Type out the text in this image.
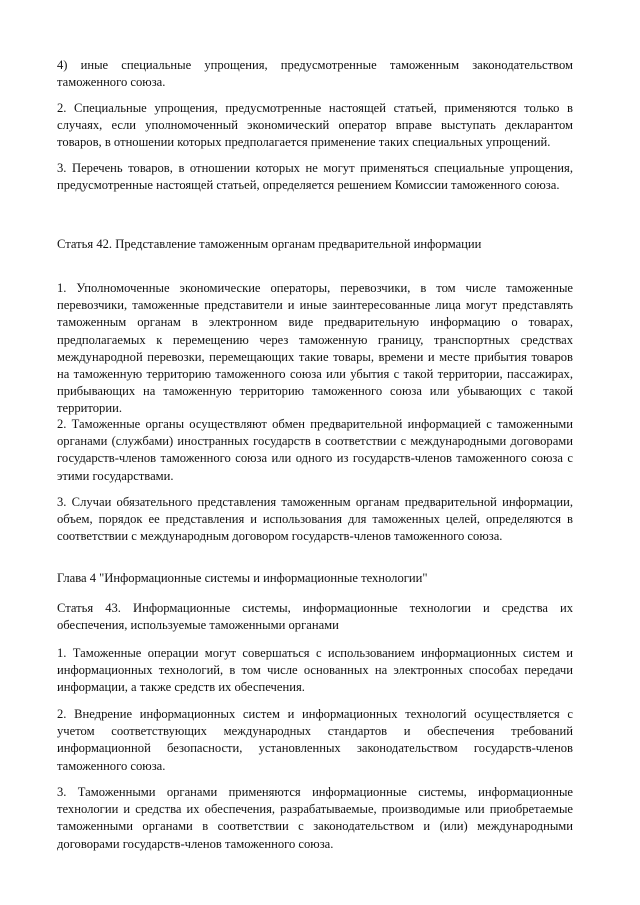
4) иные специальные упрощения, предусмотренные таможенным законодательством таможенного союза.

2. Специальные упрощения, предусмотренные настоящей статьей, применяются только в случаях, если уполномоченный экономический оператор вправе выступать декларантом товаров, в отношении которых предполагается применение таких специальных упрощений.

3. Перечень товаров, в отношении которых не могут применяться специальные упрощения, предусмотренные настоящей статьей, определяется решением Комиссии таможенного союза.

Статья 42. Представление таможенным органам предварительной информации

1. Уполномоченные экономические операторы, перевозчики, в том числе таможенные перевозчики, таможенные представители и иные заинтересованные лица могут представлять таможенным органам в электронном виде предварительную информацию о товарах, предполагаемых к перемещению через таможенную границу, транспортных средствах международной перевозки, перемещающих такие товары, времени и месте прибытия товаров на таможенную территорию таможенного союза или убытия с такой территории, пассажирах, прибывающих на таможенную территорию таможенного союза или убывающих с такой территории.

2. Таможенные органы осуществляют обмен предварительной информацией с таможенными органами (службами) иностранных государств в соответствии с международными договорами государств-членов таможенного союза или одного из государств-членов таможенного союза с этими государствами.

3. Случаи обязательного представления таможенным органам предварительной информации, объем, порядок ее представления и использования для таможенных целей, определяются в соответствии с международным договором государств-членов таможенного союза.

Глава 4 "Информационные системы и информационные технологии"

Статья 43. Информационные системы, информационные технологии и средства их обеспечения, используемые таможенными органами

1. Таможенные операции могут совершаться с использованием информационных систем и информационных технологий, в том числе основанных на электронных способах передачи информации, а также средств их обеспечения.

2. Внедрение информационных систем и информационных технологий осуществляется с учетом соответствующих международных стандартов и обеспечения требований информационной безопасности, установленных законодательством государств-членов таможенного союза.

3. Таможенными органами применяются информационные системы, информационные технологии и средства их обеспечения, разрабатываемые, производимые или приобретаемые таможенными органами в соответствии с законодательством и (или) международными договорами государств-членов таможенного союза.
